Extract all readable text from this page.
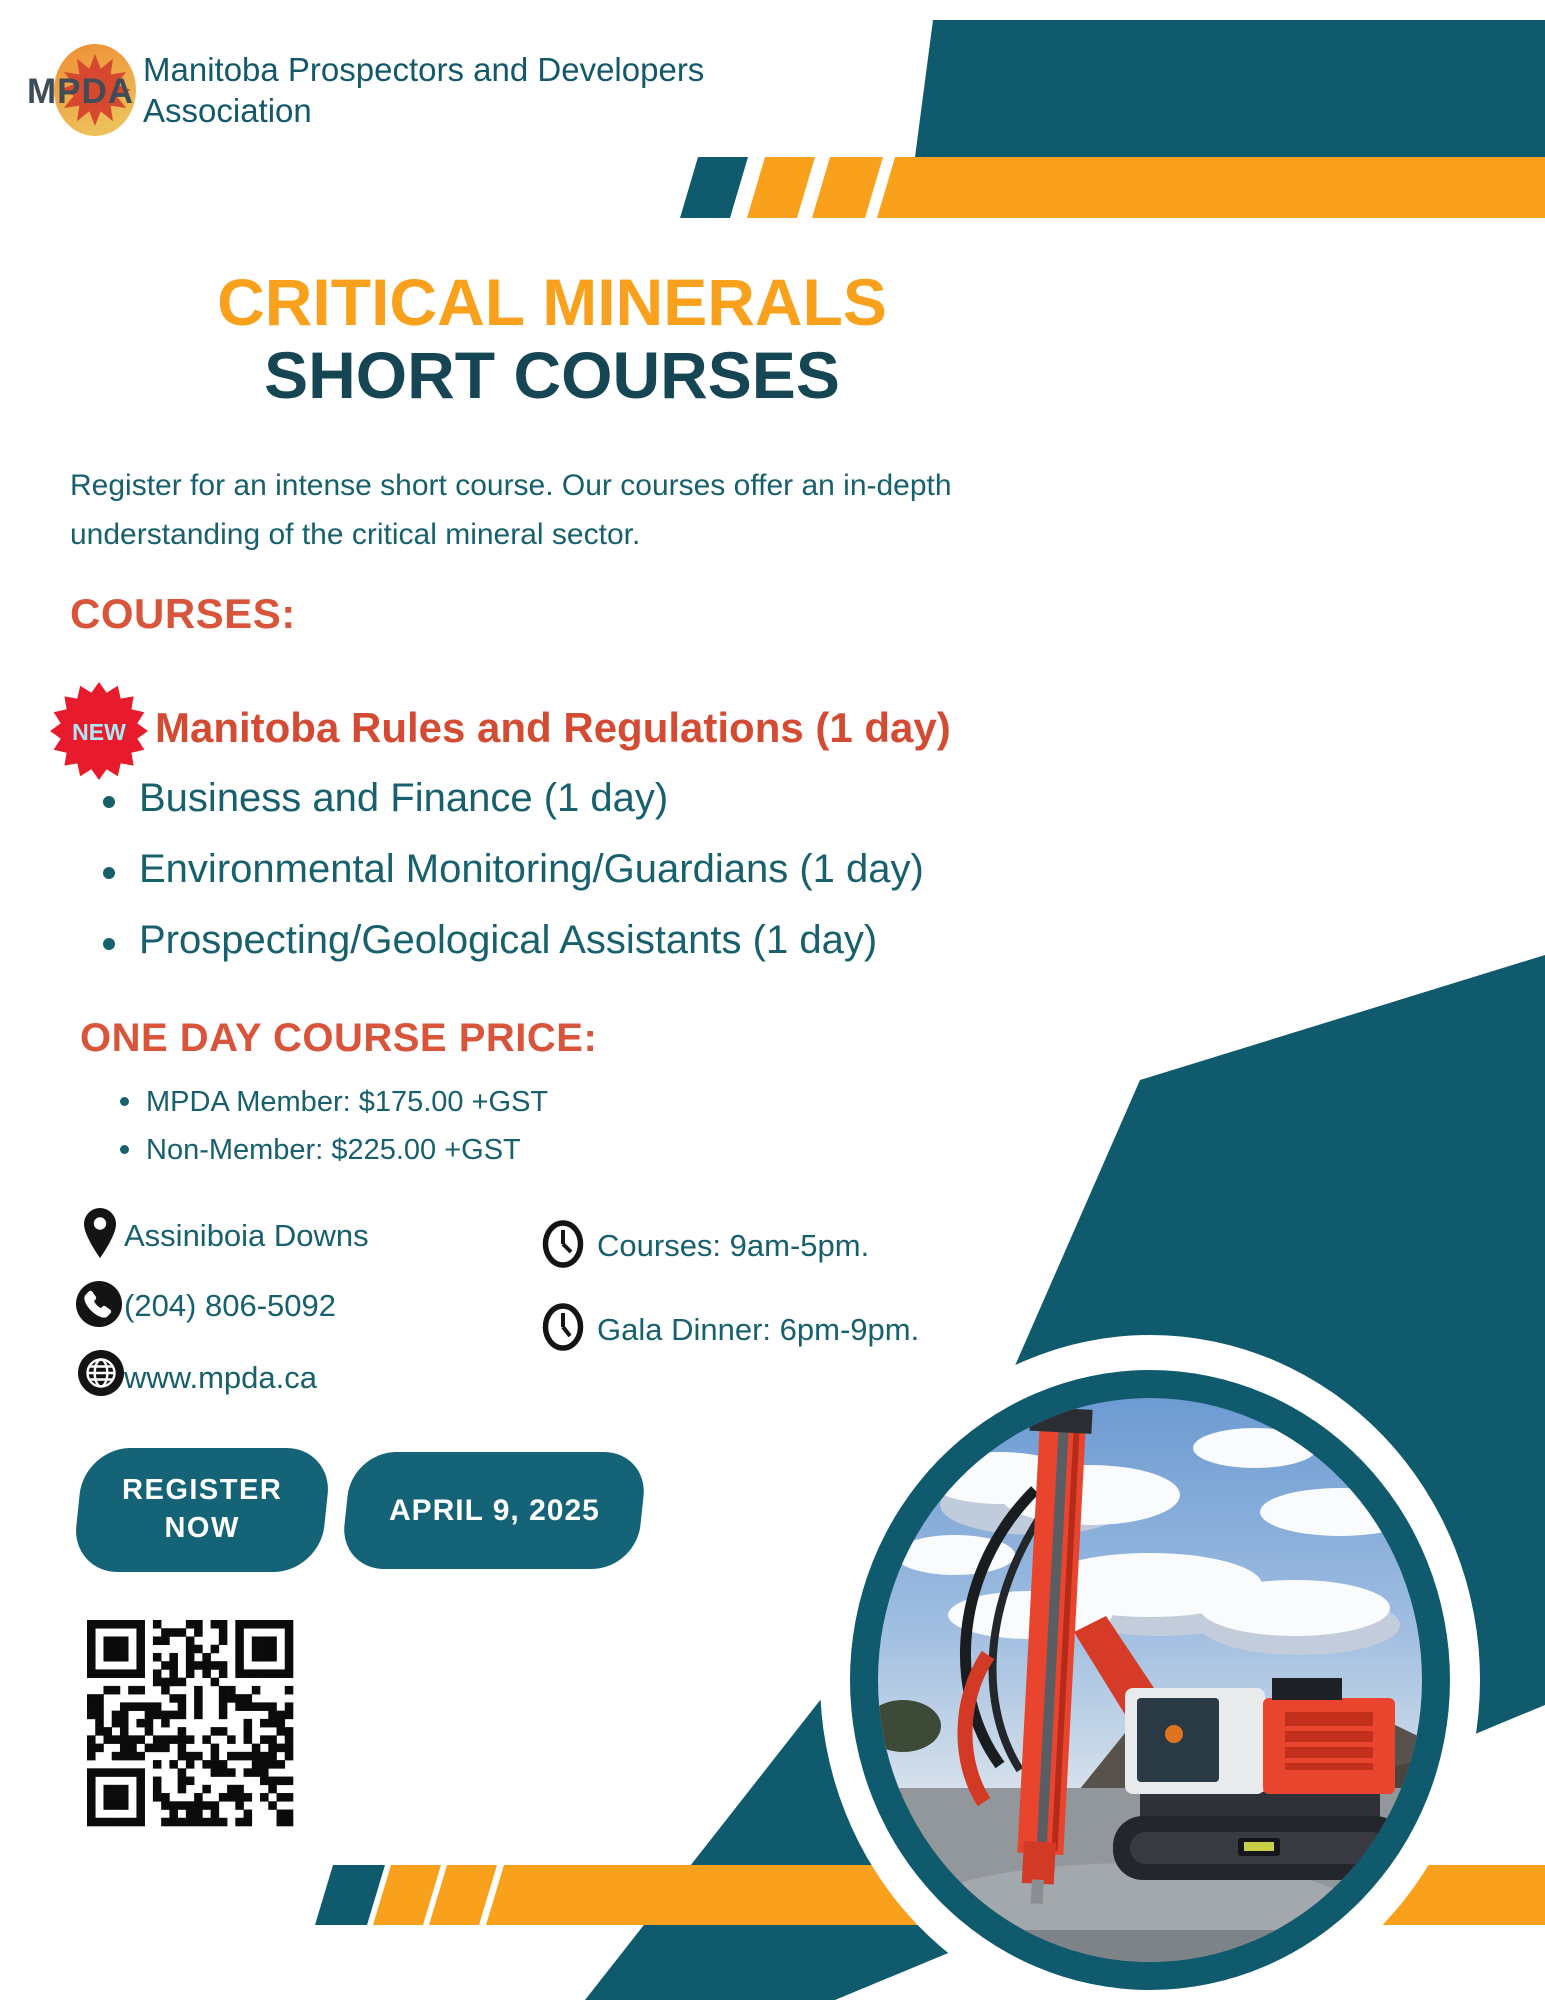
MPDA
NEW
Manitoba Prospectors and Developers
Association
CRITICAL MINERALS
SHORT COURSES
Register for an intense short course. Our courses offer an in-depth
understanding of the critical mineral sector.
COURSES:
Manitoba Rules and Regulations (1 day)
Business and Finance (1 day)
Environmental Monitoring/Guardians (1 day)
Prospecting/Geological Assistants (1 day)
ONE DAY COURSE PRICE:
MPDA Member: $175.00 +GST
Non-Member: $225.00 +GST
Assiniboia Downs
(204) 806-5092
www.mpda.ca
Courses: 9am-5pm.
Gala Dinner: 6pm-9pm.
REGISTER
NOW
APRIL 9, 2025
